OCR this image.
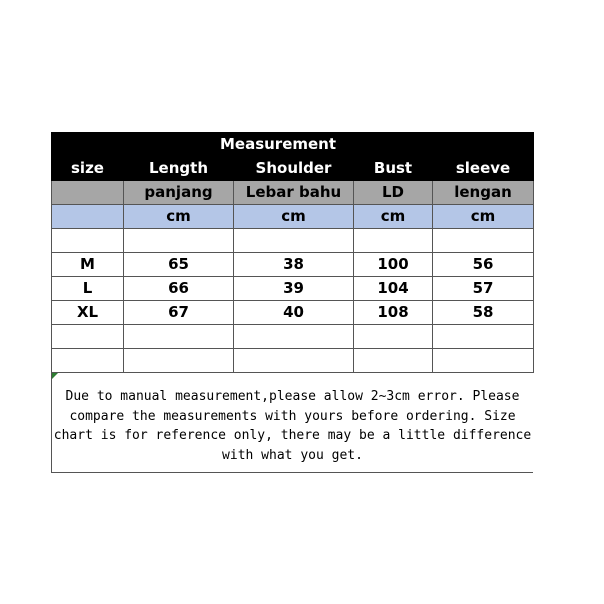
	Measurement			
size	Length	Shoulder	Bust	sleeve
	panjang	Lebar bahu	LD	lengan
	cm	cm	cm	cm

M	65	38	100	56
L	66	39	104	57
XL	67	40	108	58

Due to manual measurement,please allow 2~3cm error. Please compare the measurements with yours before ordering. Size chart is for reference only, there may be a little difference with what you get.
